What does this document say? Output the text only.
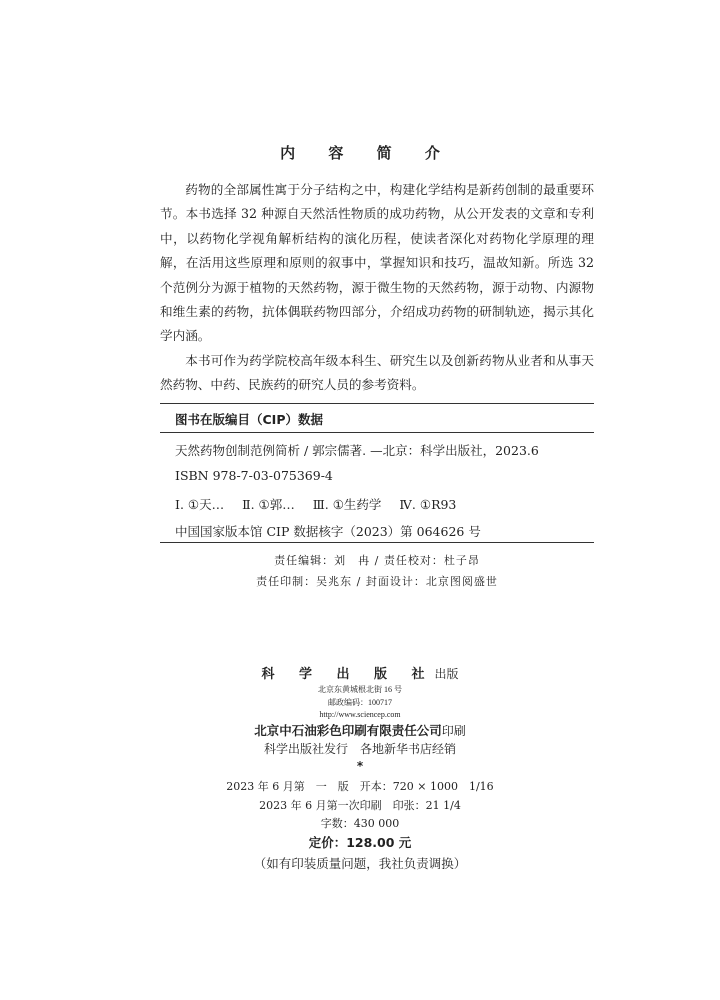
内 容 简 介

药物的全部属性寓于分子结构之中，构建化学结构是新药创制的最重要环节。本书选择 32 种源自天然活性物质的成功药物，从公开发表的文章和专利中，以药物化学视角解析结构的演化历程，使读者深化对药物化学原理的理解，在活用这些原理和原则的叙事中，掌握知识和技巧，温故知新。所选 32 个范例分为源于植物的天然药物，源于微生物的天然药物，源于动物、内源物和维生素的药物，抗体偶联药物四部分，介绍成功药物的研制轨迹，揭示其化学内涵。

本书可作为药学院校高年级本科生、研究生以及创新药物从业者和从事天然药物、中药、民族药的研究人员的参考资料。

图书在版编目（CIP）数据
天然药物创制范例简析 / 郭宗儒著. —北京：科学出版社，2023.6
ISBN 978-7-03-075369-4
Ⅰ. ①天… Ⅱ. ①郭… Ⅲ. ①生药学 Ⅳ. ①R93
中国国家版本馆 CIP 数据核字（2023）第 064626 号
责任编辑：刘　冉 / 责任校对：杜子昂
责任印制：吴兆东 / 封面设计：北京图阅盛世
科 学 出 版 社出版
北京东黄城根北街 16 号
邮政编码：100717
http://www.sciencep.com
北京中石油彩色印刷有限责任公司印刷
科学出版社发行　各地新华书店经销
*
2023 年 6 月第　一　版　开本：720 × 1000　1/16
2023 年 6 月第一次印刷　印张：21 1/4
字数：430 000
定价：128.00 元
（如有印装质量问题，我社负责调换）
